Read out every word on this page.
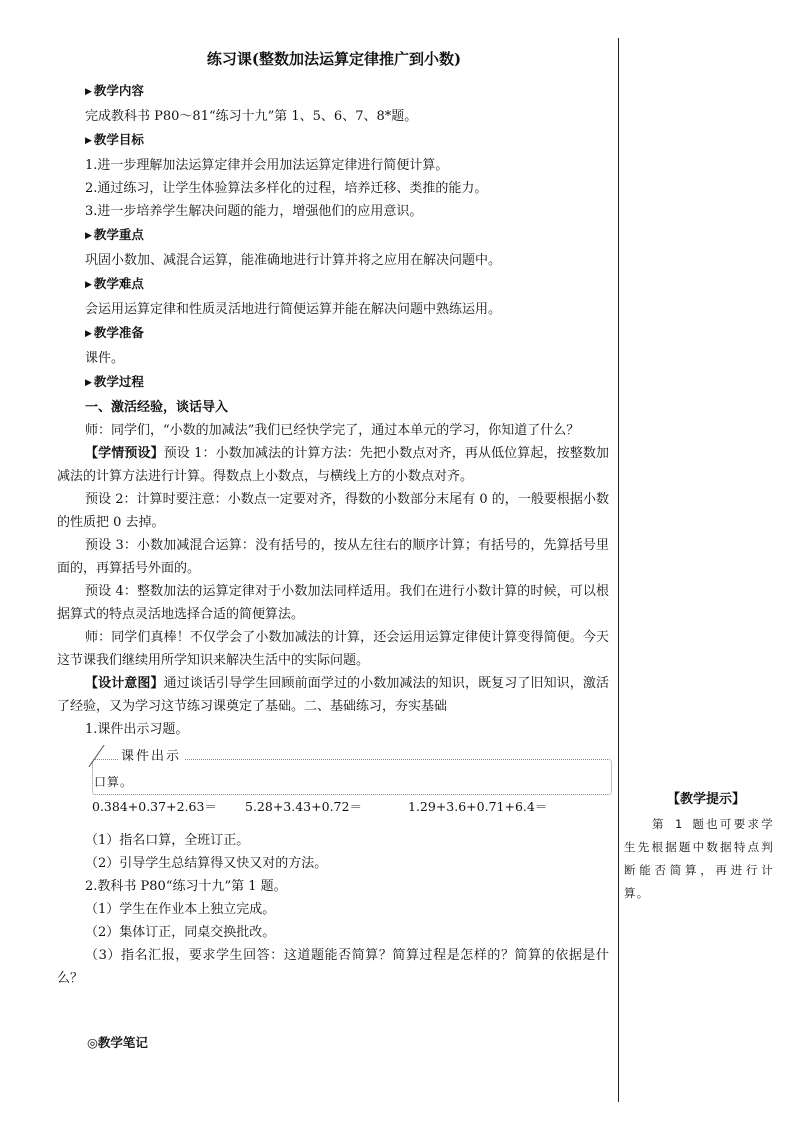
练习课(整数加法运算定律推广到小数)

▶ 教学内容

完成教科书 P80～81“练习十九”第 1、5、6、7、8*题。

▶ 教学目标

1.进一步理解加法运算定律并会用加法运算定律进行简便计算。

2.通过练习，让学生体验算法多样化的过程，培养迁移、类推的能力。

3.进一步培养学生解决问题的能力，增强他们的应用意识。

▶ 教学重点

巩固小数加、减混合运算，能准确地进行计算并将之应用在解决问题中。

▶ 教学难点

会运用运算定律和性质灵活地进行简便运算并能在解决问题中熟练运用。

▶ 教学准备

课件。

▶ 教学过程

一、激活经验，谈话导入

师：同学们，“小数的加减法”我们已经快学完了，通过本单元的学习，你知道了什么？

【学情预设】预设 1：小数加减法的计算方法：先把小数点对齐，再从低位算起，按整数加减法的计算方法进行计算。得数点上小数点，与横线上方的小数点对齐。

预设 2：计算时要注意：小数点一定要对齐，得数的小数部分末尾有 0 的，一般要根据小数的性质把 0 去掉。

预设 3：小数加减混合运算：没有括号的，按从左往右的顺序计算；有括号的，先算括号里面的，再算括号外面的。

预设 4：整数加法的运算定律对于小数加法同样适用。我们在进行小数计算的时候，可以根据算式的特点灵活地选择合适的简便算法。

师：同学们真棒！不仅学会了小数加减法的计算，还会运用运算定律使计算变得简便。今天这节课我们继续用所学知识来解决生活中的实际问题。

【设计意图】通过谈话引导学生回顾前面学过的小数加减法的知识，既复习了旧知识，激活了经验，又为学习这节练习课奠定了基础。二、基础练习，夯实基础

1.课件出示习题。

课件出示
口算。
0.384+0.37+2.63＝ 5.28+3.43+0.72＝	1.29+3.6+0.71+6.4＝

（1）指名口算，全班订正。

（2）引导学生总结算得又快又对的方法。

2.教科书 P80“练习十九”第 1 题。

（1）学生在作业本上独立完成。

（2）集体订正，同桌交换批改。

（3）指名汇报，要求学生回答：这道题能否简算？简算过程是怎样的？简算的依据是什么？

◎教学笔记
【教学提示】
第 1 题也可要求学生先根据题中数据特点判断能否简算，再进行计算。
